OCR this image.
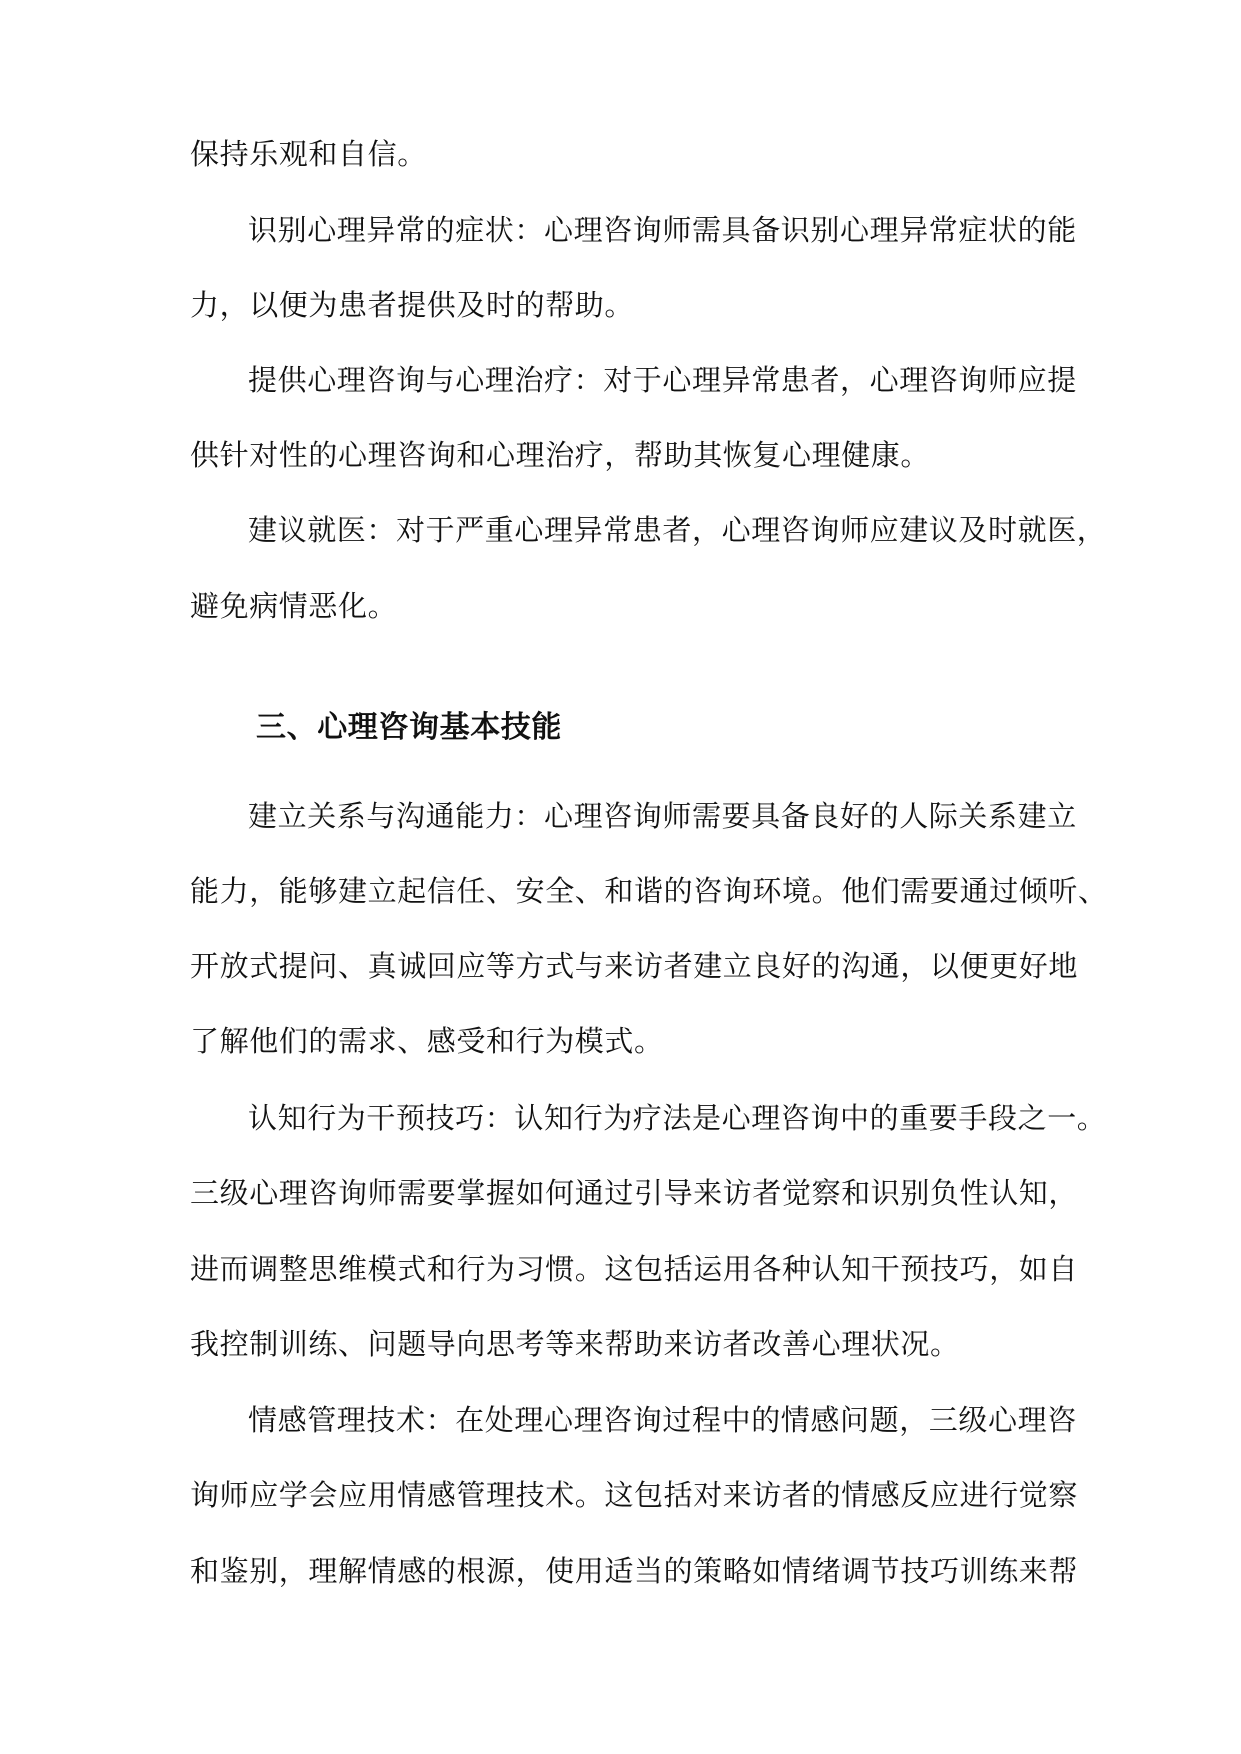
保持乐观和自信。
识别心理异常的症状：心理咨询师需具备识别心理异常症状的能
力，以便为患者提供及时的帮助。
提供心理咨询与心理治疗：对于心理异常患者，心理咨询师应提
供针对性的心理咨询和心理治疗，帮助其恢复心理健康。
建议就医：对于严重心理异常患者，心理咨询师应建议及时就医，
避免病情恶化。
三、心理咨询基本技能
建立关系与沟通能力：心理咨询师需要具备良好的人际关系建立
能力，能够建立起信任、安全、和谐的咨询环境。他们需要通过倾听、
开放式提问、真诚回应等方式与来访者建立良好的沟通，以便更好地
了解他们的需求、感受和行为模式。
认知行为干预技巧：认知行为疗法是心理咨询中的重要手段之一。
三级心理咨询师需要掌握如何通过引导来访者觉察和识别负性认知，
进而调整思维模式和行为习惯。这包括运用各种认知干预技巧，如自
我控制训练、问题导向思考等来帮助来访者改善心理状况。
情感管理技术：在处理心理咨询过程中的情感问题，三级心理咨
询师应学会应用情感管理技术。这包括对来访者的情感反应进行觉察
和鉴别，理解情感的根源，使用适当的策略如情绪调节技巧训练来帮
